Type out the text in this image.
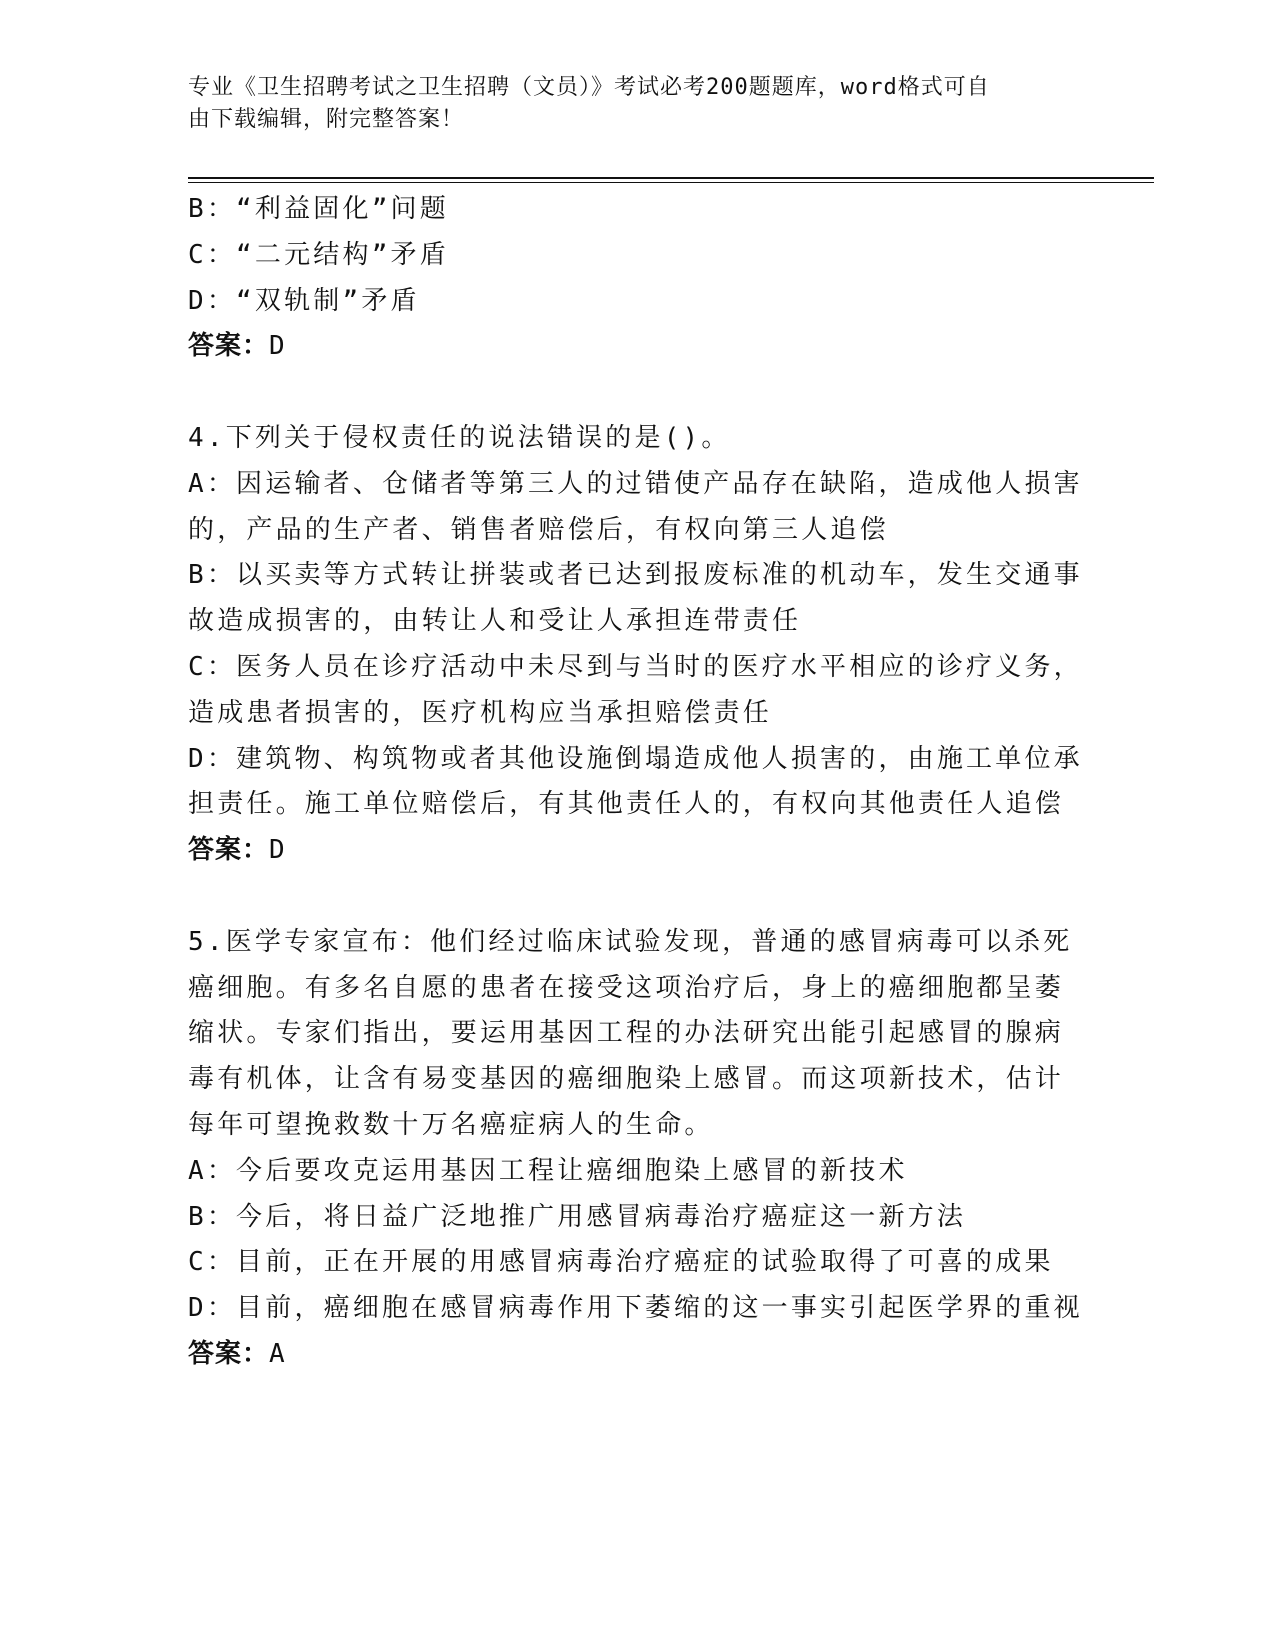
专业《卫生招聘考试之卫生招聘（文员）》考试必考200题题库，word格式可自
由下载编辑，附完整答案！
B：“利益固化”问题
C：“二元结构”矛盾
D：“双轨制”矛盾
答案：D
4.下列关于侵权责任的说法错误的是()。
A：因运输者、仓储者等第三人的过错使产品存在缺陷，造成他人损害
的，产品的生产者、销售者赔偿后，有权向第三人追偿
B：以买卖等方式转让拼装或者已达到报废标准的机动车，发生交通事
故造成损害的，由转让人和受让人承担连带责任
C：医务人员在诊疗活动中未尽到与当时的医疗水平相应的诊疗义务，
造成患者损害的，医疗机构应当承担赔偿责任
D：建筑物、构筑物或者其他设施倒塌造成他人损害的，由施工单位承
担责任。施工单位赔偿后，有其他责任人的，有权向其他责任人追偿
答案：D
5.医学专家宣布：他们经过临床试验发现，普通的感冒病毒可以杀死
癌细胞。有多名自愿的患者在接受这项治疗后，身上的癌细胞都呈萎
缩状。专家们指出，要运用基因工程的办法研究出能引起感冒的腺病
毒有机体，让含有易变基因的癌细胞染上感冒。而这项新技术，估计
每年可望挽救数十万名癌症病人的生命。
A：今后要攻克运用基因工程让癌细胞染上感冒的新技术
B：今后，将日益广泛地推广用感冒病毒治疗癌症这一新方法
C：目前，正在开展的用感冒病毒治疗癌症的试验取得了可喜的成果
D：目前，癌细胞在感冒病毒作用下萎缩的这一事实引起医学界的重视
答案：A
